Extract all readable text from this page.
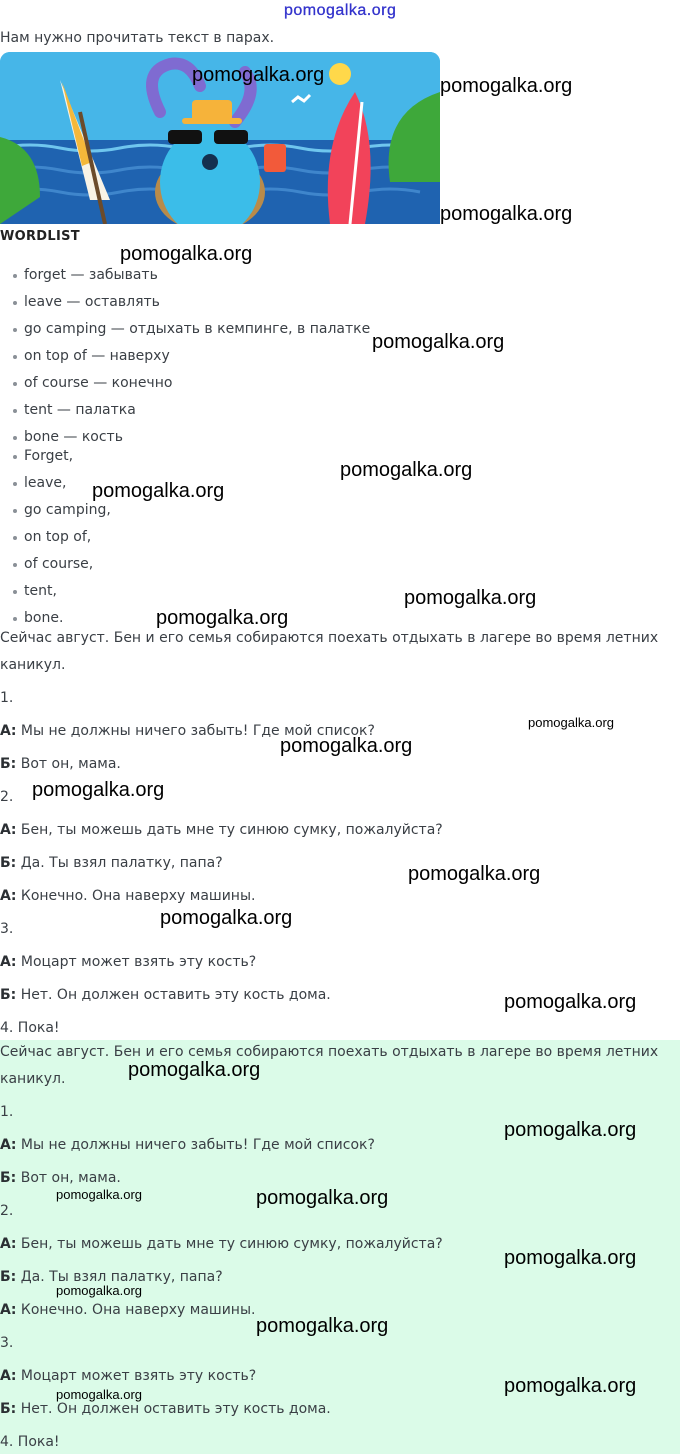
pomogalka.org
Нам нужно прочитать текст в парах.
WORDLIST
forget — забывать
leave — оставлять
go camping — отдыхать в кемпинге, в палатке
on top of — наверху
of course — конечно
tent — палатка
bone — кость
Forget,
leave,
go camping,
on top of,
of course,
tent,
bone.
Сейчас август. Бен и его семья собираются поехать отдыхать в лагере во время летних
каникул.
1.
А: Мы не должны ничего забыть! Где мой список?
Б: Вот он, мама.
2.
А: Бен, ты можешь дать мне ту синюю сумку, пожалуйста?
Б: Да. Ты взял палатку, папа?
А: Конечно. Она наверху машины.
3.
А: Моцарт может взять эту кость?
Б: Нет. Он должен оставить эту кость дома.
4. Пока!
Сейчас август. Бен и его семья собираются поехать отдыхать в лагере во время летних
каникул.
1.
А: Мы не должны ничего забыть! Где мой список?
Б: Вот он, мама.
2.
А: Бен, ты можешь дать мне ту синюю сумку, пожалуйста?
Б: Да. Ты взял палатку, папа?
А: Конечно. Она наверху машины.
3.
А: Моцарт может взять эту кость?
Б: Нет. Он должен оставить эту кость дома.
4. Пока!
pomogalka.org	pomogalka.org
pomogalka.org
pomogalka.org
pomogalka.org
pomogalka.org
pomogalka.org
pomogalka.org
pomogalka.org
pomogalka.org
pomogalka.org
pomogalka.org
pomogalka.org
pomogalka.org
pomogalka.org
pomogalka.org
pomogalka.org
pomogalka.org	pomogalka.org
pomogalka.org
pomogalka.org
pomogalka.org
pomogalka.org	pomogalka.org
